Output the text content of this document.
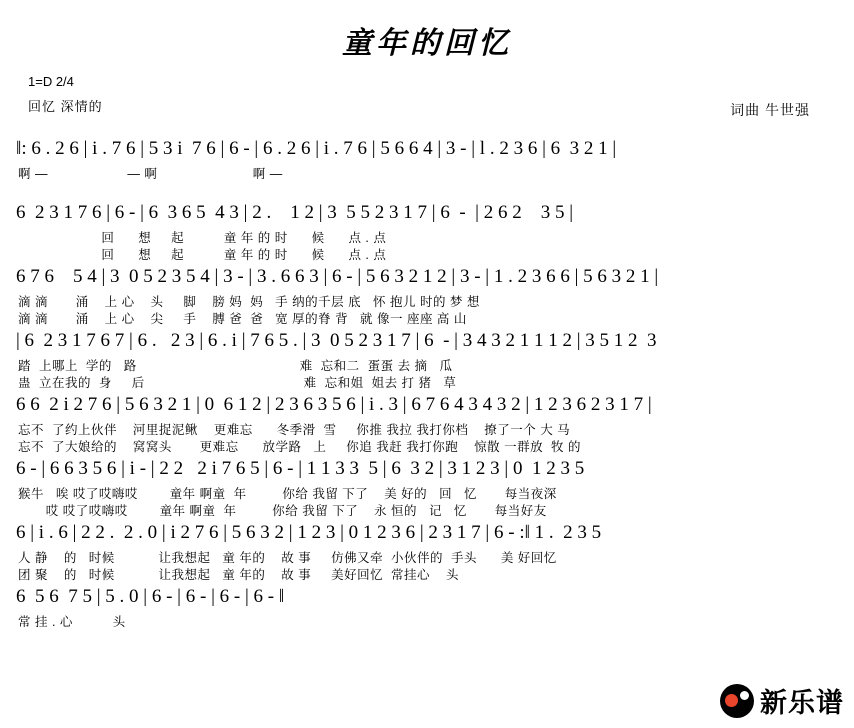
童年的回忆
1=D 2/4
回忆 深情的	词曲 牛世强
‖: 6 . 2 6 | i . 7 6 | 5 3 i  7 6 | 6 - | 6 . 2 6 | i . 7 6 | 5 6 6 4 | 3 - | l . 2 3 6 | 6  3 2 1 |
啊 —                    — 啊                        啊 —
6  2 3 1 7 6 | 6 - | 6  3 6 5  4 3 | 2 .    1 2 | 3  5 5 2 3 1 7 | 6  -  | 2 6 2    3 5 |
回      想     起          童 年 的 时      候      点 . 点
回      想     起          童 年 的 时      候      点 . 点
6 7 6    5 4 | 3  0 5 2 3 5 4 | 3 - | 3 . 6 6 3 | 6 - | 5 6 3 2 1 2 | 3 - | 1 . 2 3 6 6 | 5 6 3 2 1 |
滴 滴       涌    上 心    头     脚    膀 妈  妈   手 纳的千层 底   怀 抱儿 时的 梦 想
滴 滴       涌    上 心    尖     手    膊 爸  爸   宽 厚的脊 背   就 像一 座座 高 山
| 6  2 3 1 7 6 7 | 6 .   2 3 | 6 . i | 7 6 5 . | 3  0 5 2 3 1 7 | 6  - | 3 4 3 2 1 1 1 2 | 3 5 1 2  3
踏  上哪上  学的   路                                         难  忘和二  蛋蛋 去 摘   瓜
蛊  立在我的  身     后                                        难  忘和姐  姐去 打 猪   草
6 6  2 i 2 7 6 | 5 6 3 2 1 | 0  6 1 2 | 2 3 6 3 5 6 | i . 3 | 6 7 6 4 3 4 3 2 | 1 2 3 6 2 3 1 7 |
忘不  了约上伙伴    河里捉泥鳅    更难忘      冬季滑  雪     你推 我拉 我打你档    撩了一个 大 马
忘不  了大娘给的    窝窝头       更难忘      放学路   上     你追 我赶 我打你跑    惊散 一群放  牧 的
6 - | 6 6 3 5 6 | i - | 2 2   2 i 7 6 5 | 6 - | 1 1 3 3  5 | 6  3 2 | 3 1 2 3 | 0  1 2 3 5
猴牛   唉 哎了哎嗨哎        童年 啊童  年         你给 我留 下了    美 好的   回   忆       每当夜深
哎 哎了哎嗨哎        童年 啊童  年         你给 我留 下了    永 恒的   记   忆       每当好友
6 | i . 6 | 2 2 .  2 . 0 | i 2 7 6 | 5 6 3 2 | 1 2 3 | 0 1 2 3 6 | 2 3 1 7 | 6 - :‖ 1 .  2 3 5
人 静    的   时候           让我想起   童 年的    故 事     仿佛又牵  小伙伴的  手头      美 好回忆
团 聚    的   时候           让我想起   童 年的    故 事     美好回忆  常挂心    头
6  5 6  7 5 | 5 . 0 | 6 - | 6 - | 6 - | 6 - ‖
常 挂 . 心          头
新乐谱
